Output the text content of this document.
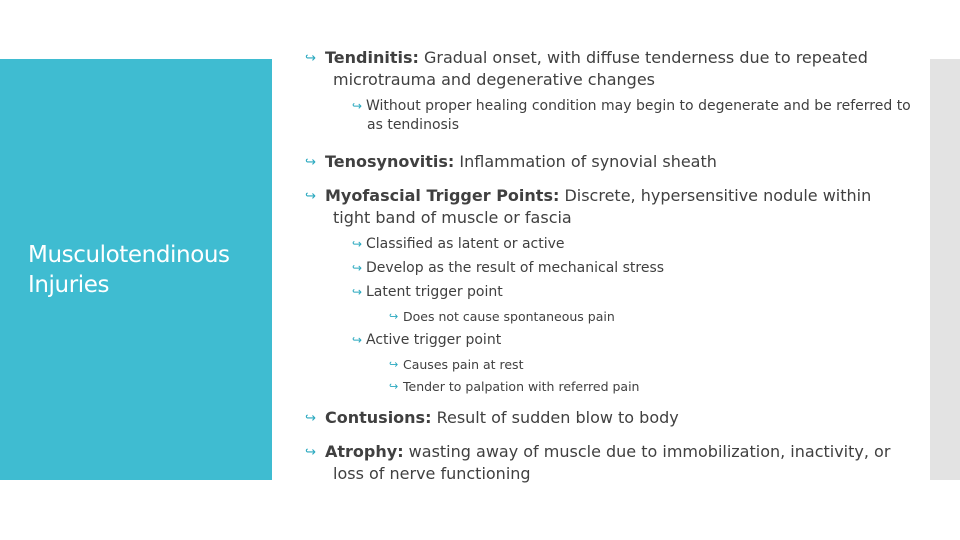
Musculotendinous Injuries
↪ Tendinitis: Gradual onset, with diffuse tenderness due to repeated microtrauma and degenerative changes
↪ Without proper healing condition may begin to degenerate and be referred to as tendinosis
↪ Tenosynovitis: Inflammation of synovial sheath
↪ Myofascial Trigger Points: Discrete, hypersensitive nodule within tight band of muscle or fascia
↪ Classified as latent or active
↪ Develop as the result of mechanical stress
↪ Latent trigger point
↪ Does not cause spontaneous pain
↪ Active trigger point
↪ Causes pain at rest
↪ Tender to palpation with referred pain
↪ Contusions: Result of sudden blow to body
↪ Atrophy: wasting away of muscle due to immobilization, inactivity, or loss of nerve functioning
